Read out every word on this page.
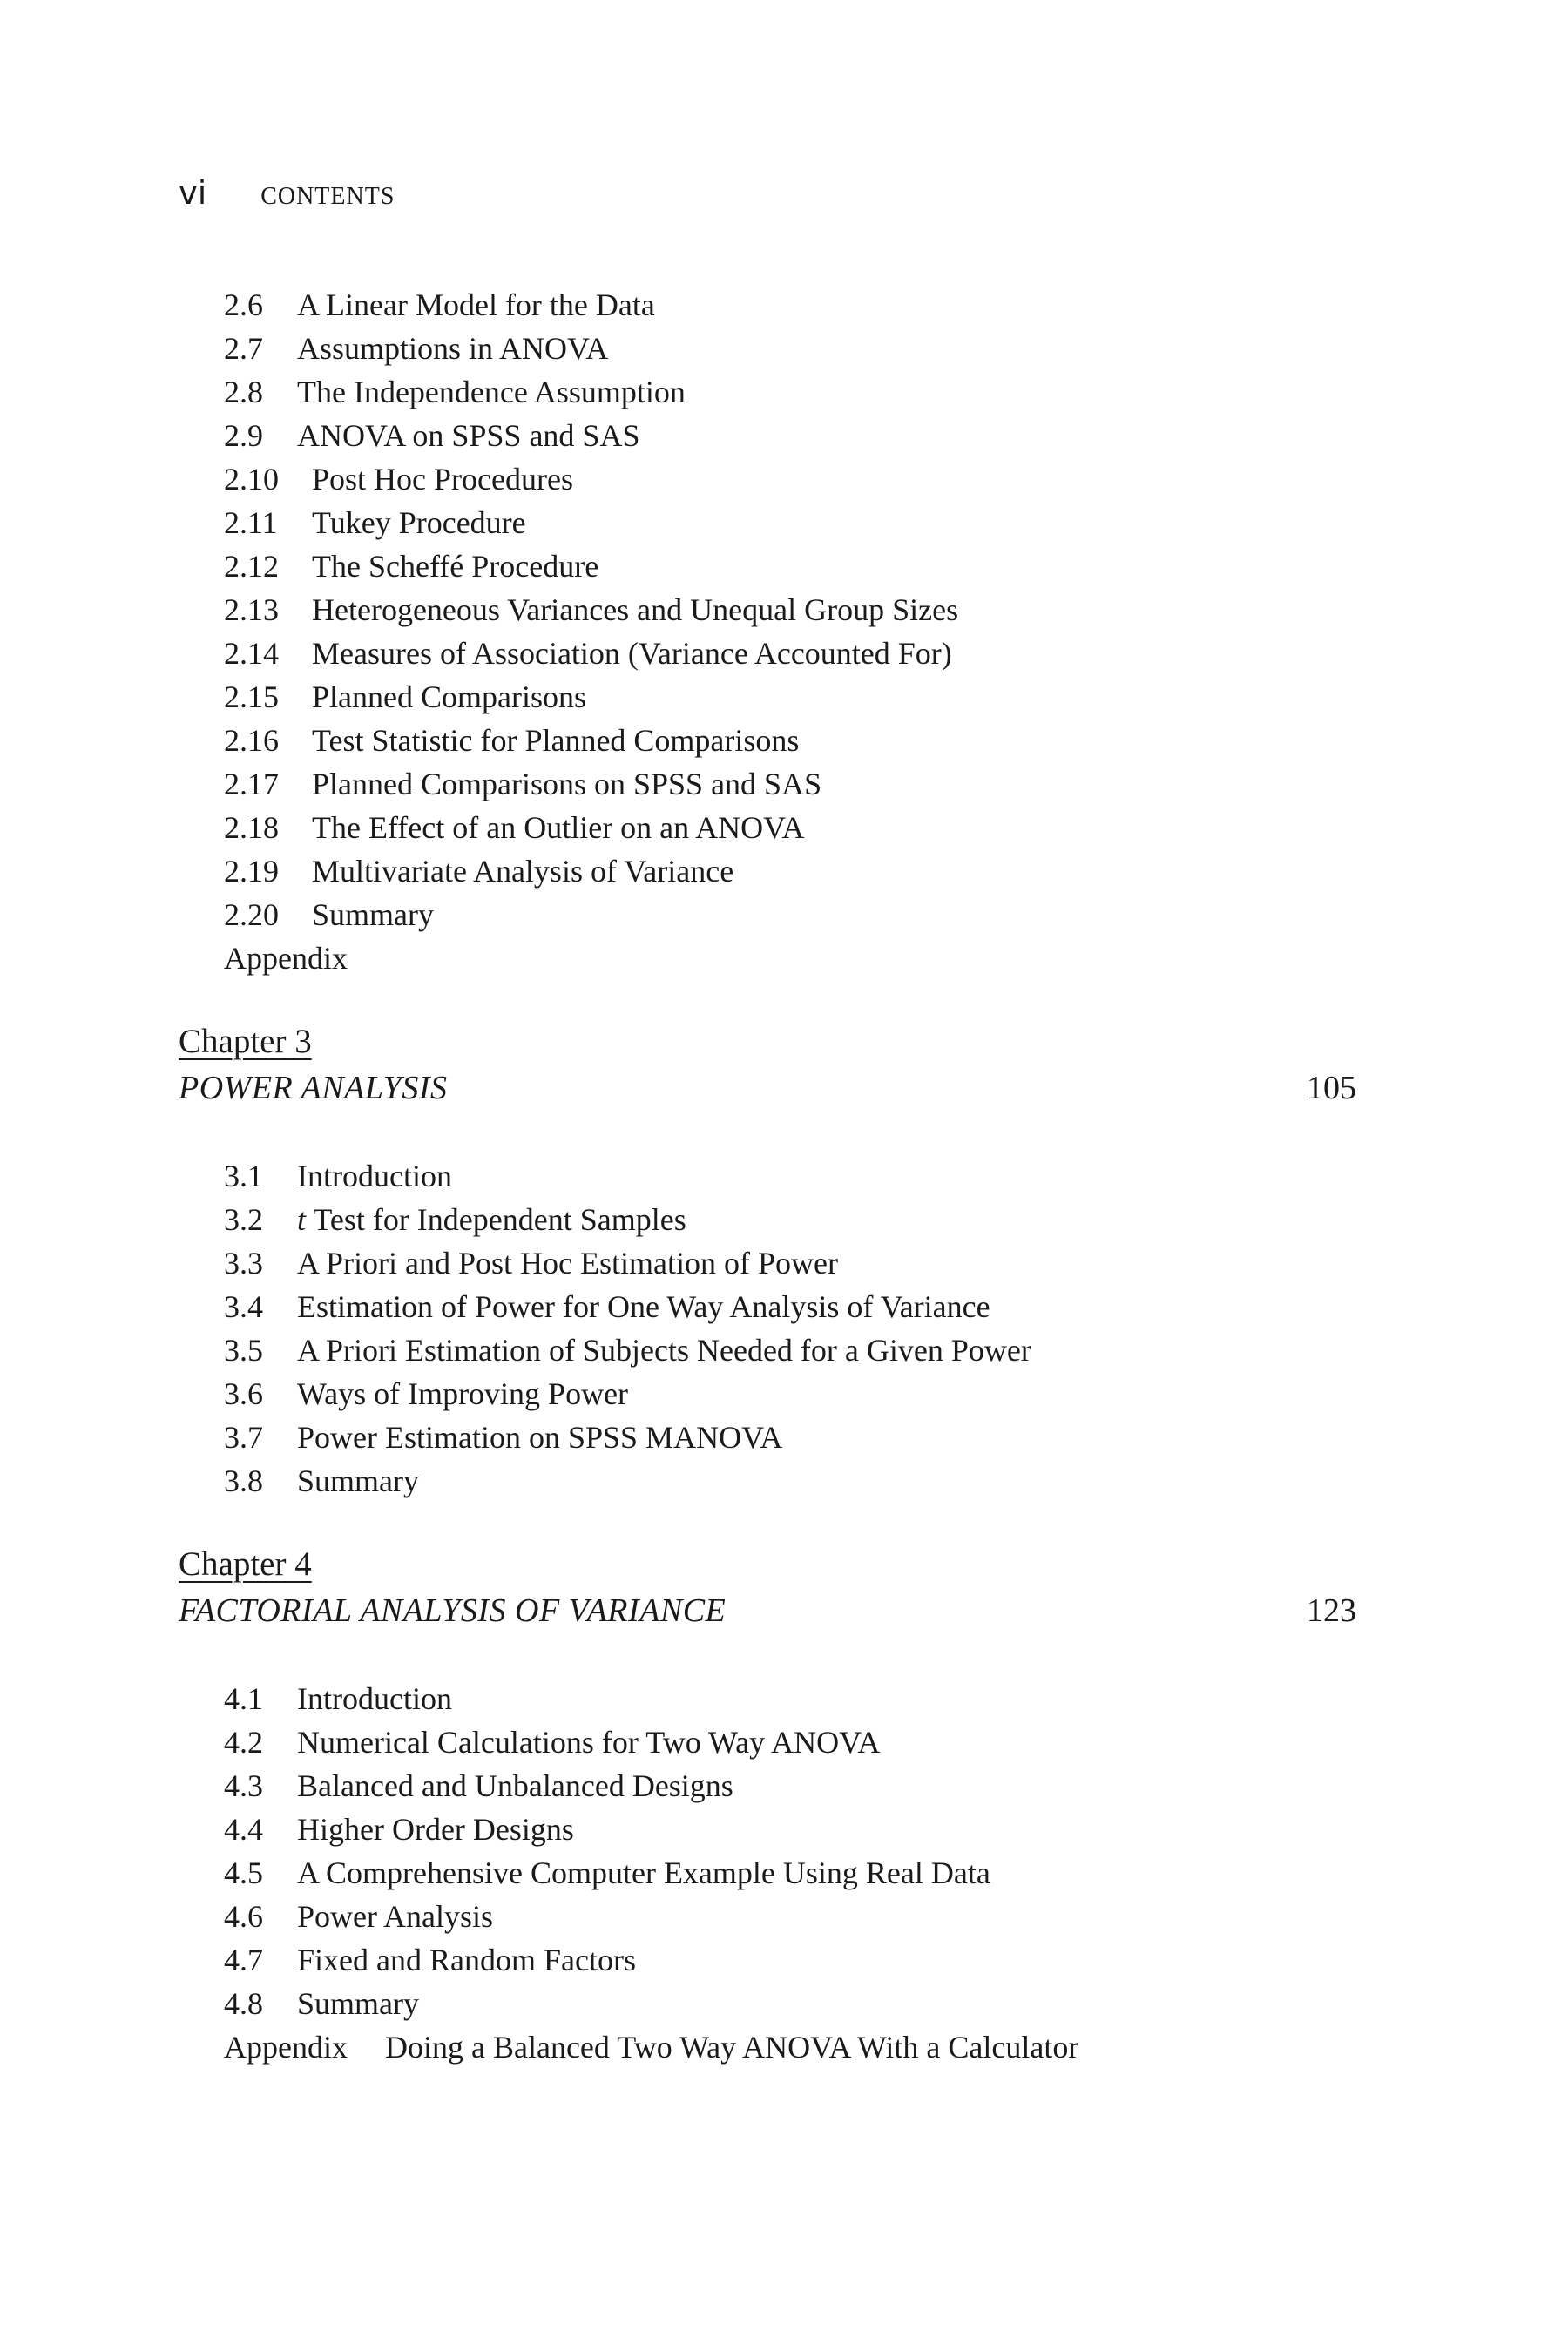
vi CONTENTS
2.6 A Linear Model for the Data
2.7 Assumptions in ANOVA
2.8 The Independence Assumption
2.9 ANOVA on SPSS and SAS
2.10 Post Hoc Procedures
2.11 Tukey Procedure
2.12 The Scheffé Procedure
2.13 Heterogeneous Variances and Unequal Group Sizes
2.14 Measures of Association (Variance Accounted For)
2.15 Planned Comparisons
2.16 Test Statistic for Planned Comparisons
2.17 Planned Comparisons on SPSS and SAS
2.18 The Effect of an Outlier on an ANOVA
2.19 Multivariate Analysis of Variance
2.20 Summary
Appendix
Chapter 3
POWER ANALYSIS	105
3.1 Introduction
3.2 t Test for Independent Samples
3.3 A Priori and Post Hoc Estimation of Power
3.4 Estimation of Power for One Way Analysis of Variance
3.5 A Priori Estimation of Subjects Needed for a Given Power
3.6 Ways of Improving Power
3.7 Power Estimation on SPSS MANOVA
3.8 Summary
Chapter 4
FACTORIAL ANALYSIS OF VARIANCE	123
4.1 Introduction
4.2 Numerical Calculations for Two Way ANOVA
4.3 Balanced and Unbalanced Designs
4.4 Higher Order Designs
4.5 A Comprehensive Computer Example Using Real Data
4.6 Power Analysis
4.7 Fixed and Random Factors
4.8 Summary
Appendix Doing a Balanced Two Way ANOVA With a Calculator
